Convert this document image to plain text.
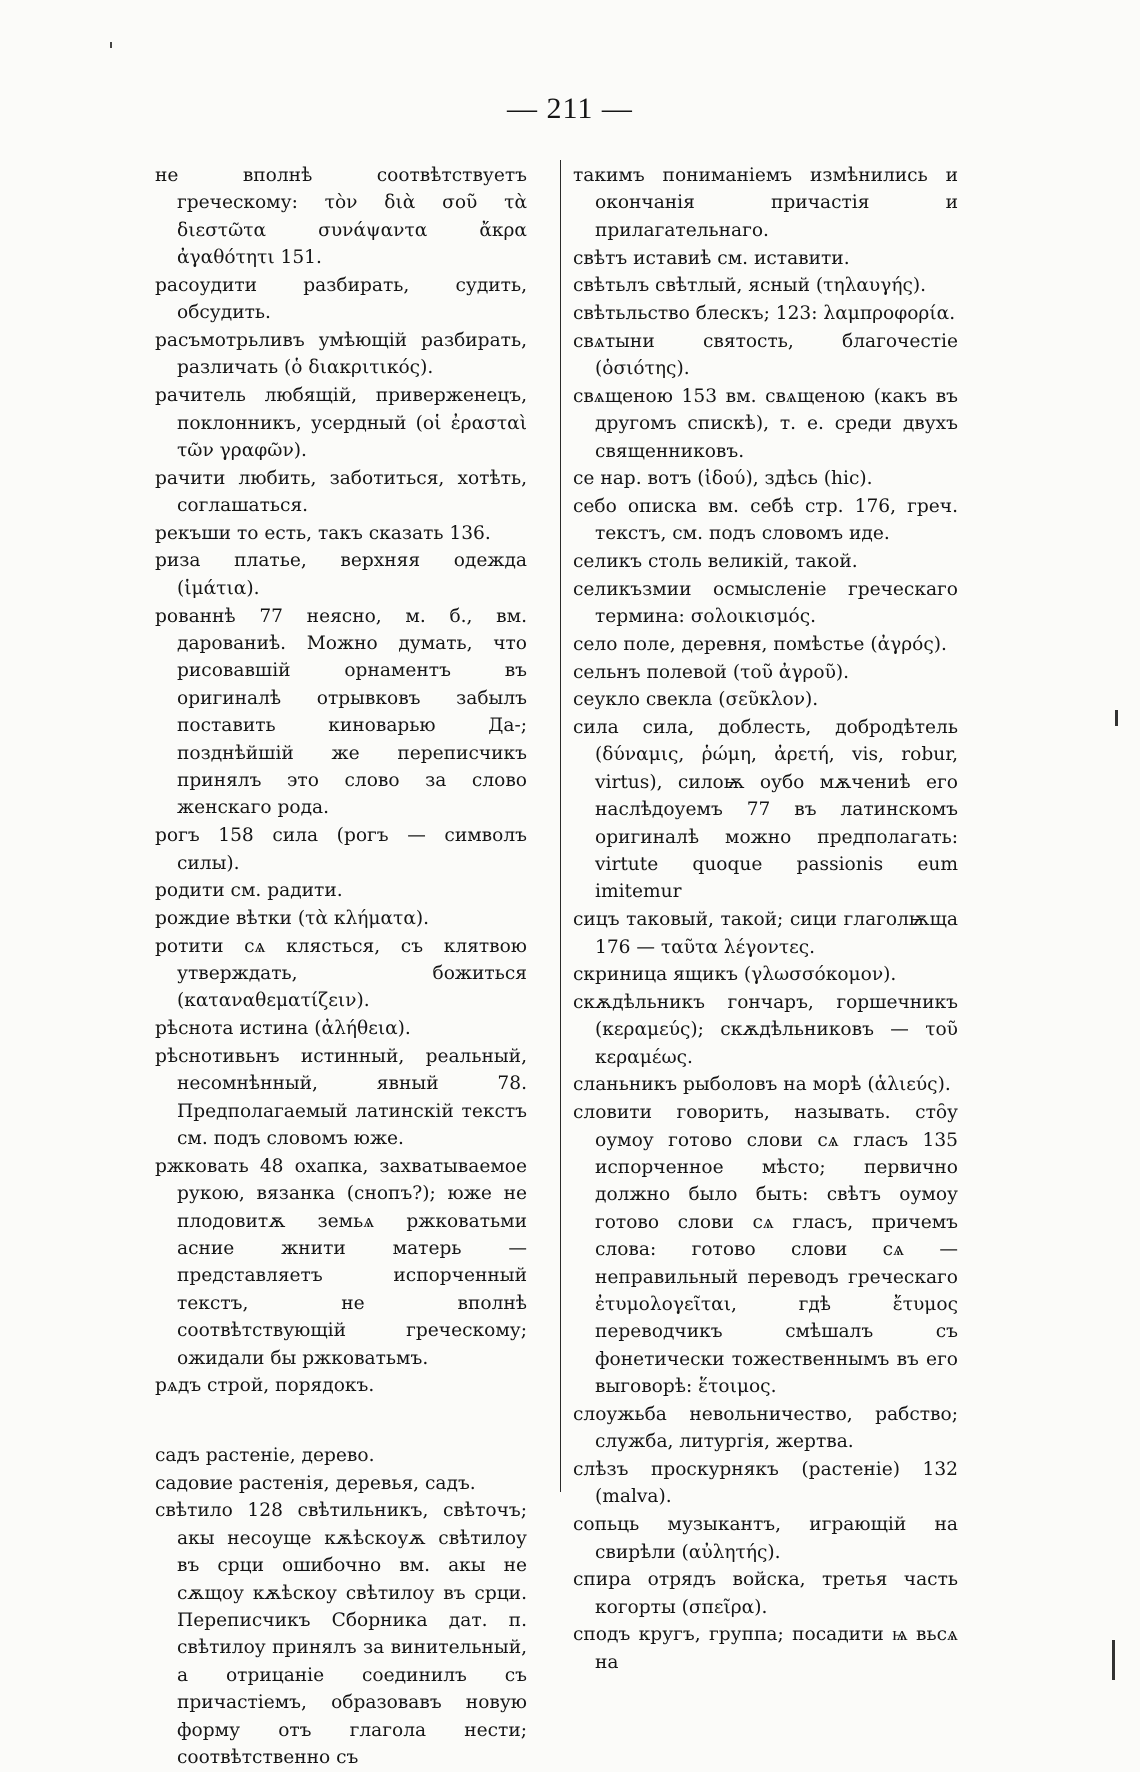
— 211 —

не вполнѣ соотвѣтствуетъ греческому: τὸν διὰ σοῦ τὰ διεστῶτα συνάψαντα ἄκρα ἀγαθότητι 151.

расоудити разбирать, судить, обсудить.

расъмотрьливъ умѣющій разбирать, различать (ὁ διακριτικός).

рачитель любящій, приверженецъ, поклонникъ, усердный (οἱ ἐρασταὶ τῶν γραφῶν).

рачити любить, заботиться, хотѣть, соглашаться.

рекъши то есть, такъ сказать 136.

риза платье, верхняя одежда (ἱμάτια).

рованнѣ 77 неясно, м. б., вм. дарованиѣ. Можно думать, что рисовавшій орнаментъ въ оригиналѣ отрывковъ забылъ поставить киноварью Да-; позднѣйшій же переписчикъ принялъ это слово за слово женскаго рода.

рогъ 158 сила (рогъ — символъ силы).

родити см. радити.

рождие вѣтки (τὰ κλήματα).

ротити сѧ клясться, съ клятвою утверждать, божиться (καταναθεματίζειν).

рѣснота истина (ἀλήθεια).

рѣснотивьнъ истинный, реальный, несомнѣнный, явный 78. Предполагаемый латинскій текстъ см. подъ словомъ юже.

ржковать 48 охапка, захватываемое рукою, вязанка (снопъ?); юже не плодовитѫ земьѧ ржковатьми асние жнити матерь — представляетъ испорченный текстъ, не вполнѣ соотвѣтствующій греческому; ожидали бы ржковатьмъ.

рѧдъ строй, порядокъ.

садъ растеніе, дерево.

садовие растенія, деревья, садъ.

свѣтило 128 свѣтильникъ, свѣточъ; акы несоуще кѫѣскоуѫ свѣтилоу въ срци ошибочно вм. акы не сѫщоу кѫѣскоу свѣтилоу въ срци. Переписчикъ Сборника дат. п. свѣтилоу принялъ за винительный, а отрицаніе соединилъ съ причастіемъ, образовавъ новую форму отъ глагола нести; соотвѣтственно съ

такимъ пониманіемъ измѣнились и окончанія причастія и прилагательнаго.

свѣтъ иставиѣ см. иставити.

свѣтьлъ свѣтлый, ясный (τηλαυγής).

свѣтьльство блескъ; 123: λαμπροφορία.

свѧтыни святость, благочестіе (ὁσιότης).

свѧщеною 153 вм. свѧщеною (какъ въ другомъ спискѣ), т. е. среди двухъ священниковъ.

се нар. вотъ (ἰδού), здѣсь (hic).

себо описка вм. себѣ стр. 176, греч. текстъ, см. подъ словомъ иде.

селикъ столь великій, такой.

селикъзмии осмысленіе греческаго термина: σολοικισμός.

село поле, деревня, помѣстье (ἀγρός).

сельнъ полевой (τοῦ ἀγροῦ).

сеукло свекла (σεῦκλον).

сила сила, доблесть, добродѣтель (δύναμις, ῥώμη, ἀρετή, vis, robur, virtus), силоѭ оубо мѫчениѣ его наслѣдоуемъ 77 въ латинскомъ оригиналѣ можно предполагать: virtute quoque passionis eum imitemur

сицъ таковый, такой; сици глаголѭща 176 — ταῦτα λέγοντες.

скриница ящикъ (γλωσσόκομον).

скѫдѣльникъ гончаръ, горшечникъ (κεραμεύς); скѫдѣльниковъ — τοῦ κεραμέως.

сланьникъ рыболовъ на морѣ (ἁλιεύς).

словити говорить, называть. сто̑у оумоу готово слови сѧ гласъ 135 испорченное мѣсто; первично должно было быть: свѣтъ оумоу готово слови сѧ гласъ, причемъ слова: готово слови сѧ — неправильный переводъ греческаго ἐτυμολογεῖται, гдѣ ἔτυμος переводчикъ смѣшалъ съ фонетически тожественнымъ въ его выговорѣ: ἕτοιμος.

слоужьба невольничество, рабство; служба, литургія, жертва.

слѣзъ проскурнякъ (растеніе) 132 (malva).

сопьць музыкантъ, играющій на свирѣли (αὐλητής).

спира отрядъ войска, третья часть когорты (σπεῖρα).

сподъ кругъ, группа; посадити ѩ вьсѧ на
